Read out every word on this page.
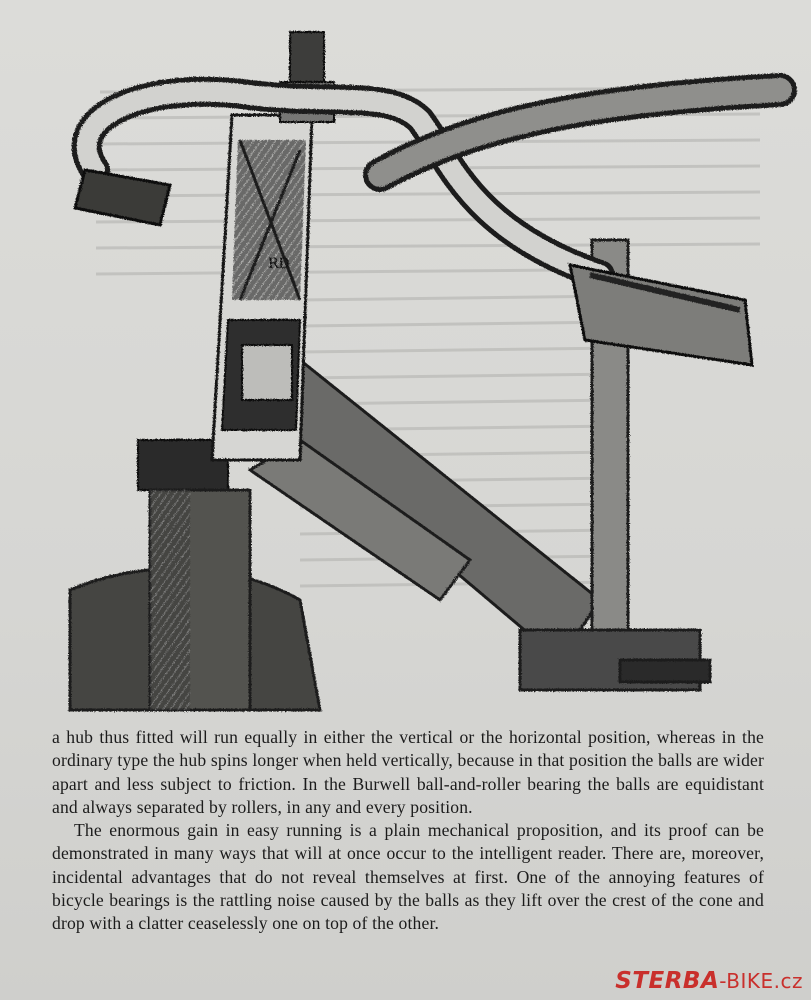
RD

a hub thus fitted will run equally in either the vertical or the horizontal position, whereas in the ordinary type the hub spins longer when held vertically, because in that position the balls are wider apart and less subject to friction. In the Burwell ball-and-roller bearing the balls are equidistant and always separated by rollers, in any and every position.

The enormous gain in easy running is a plain mechanical proposition, and its proof can be demonstrated in many ways that will at once occur to the intelligent reader. There are, moreover, incidental advantages that do not reveal themselves at first. One of the annoying features of bicycle bearings is the rattling noise caused by the balls as they lift over the crest of the cone and drop with a clatter ceaselessly one on top of the other.

STERBA-BIKE.cz
